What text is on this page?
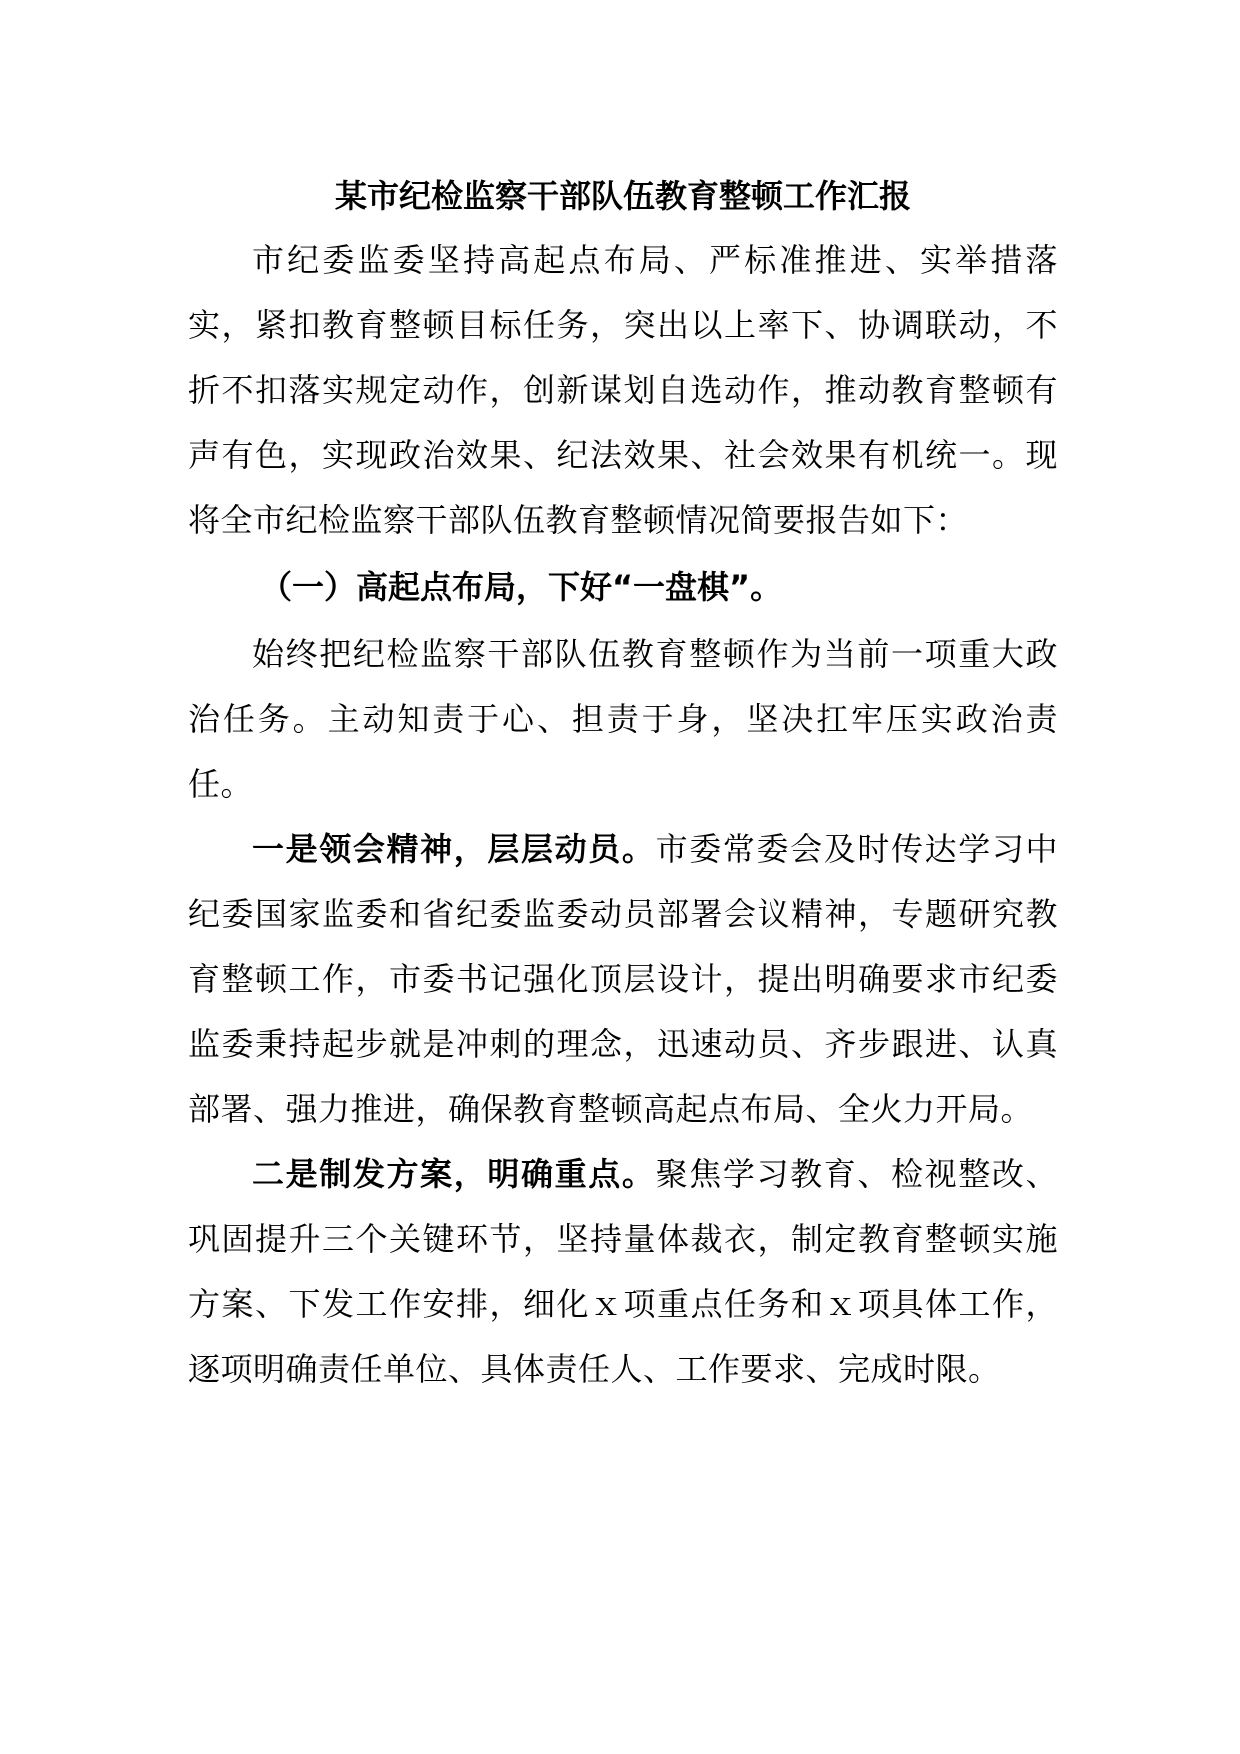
某市纪检监察干部队伍教育整顿工作汇报

市纪委监委坚持高起点布局、严标准推进、实举措落实，紧扣教育整顿目标任务，突出以上率下、协调联动，不折不扣落实规定动作，创新谋划自选动作，推动教育整顿有声有色，实现政治效果、纪法效果、社会效果有机统一。现将全市纪检监察干部队伍教育整顿情况简要报告如下：

（一）高起点布局，下好“一盘棋”。

始终把纪检监察干部队伍教育整顿作为当前一项重大政治任务。主动知责于心、担责于身，坚决扛牢压实政治责任。

一是领会精神，层层动员。市委常委会及时传达学习中纪委国家监委和省纪委监委动员部署会议精神，专题研究教育整顿工作，市委书记强化顶层设计，提出明确要求市纪委监委秉持起步就是冲刺的理念，迅速动员、齐步跟进、认真部署、强力推进，确保教育整顿高起点布局、全火力开局。

二是制发方案，明确重点。聚焦学习教育、检视整改、巩固提升三个关键环节，坚持量体裁衣，制定教育整顿实施方案、下发工作安排，细化ｘ项重点任务和ｘ项具体工作，逐项明确责任单位、具体责任人、工作要求、完成时限。
